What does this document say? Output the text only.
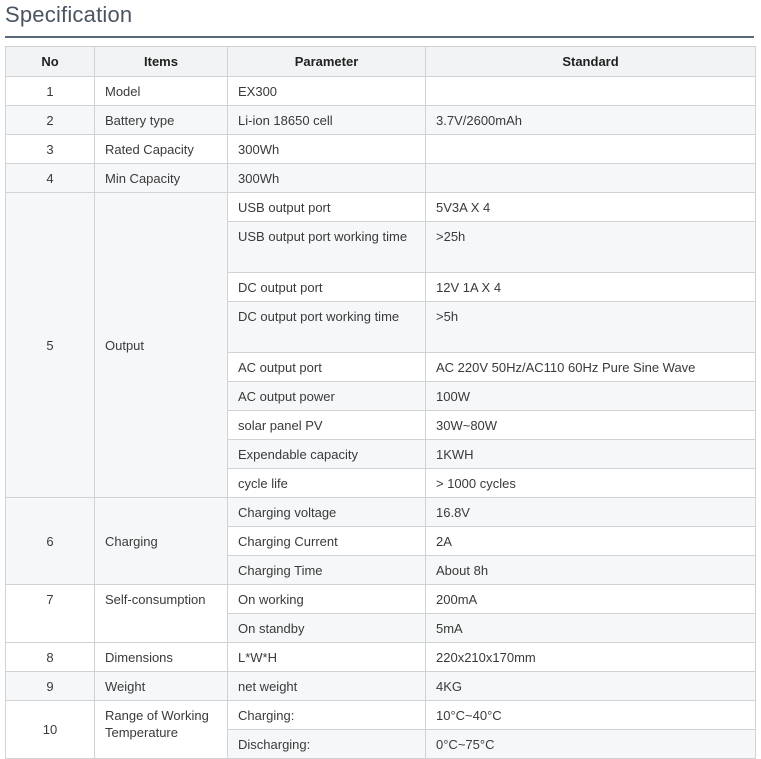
Specification
No	Items	Parameter	Standard
1	Model	EX300	
2	Battery type	Li-ion 18650 cell	3.7V/2600mAh
3	Rated Capacity	300Wh	
4	Min Capacity	300Wh	
5	Output	USB output port	5V3A X 4
		USB output port working time	>25h
		DC output port	12V 1A X 4
		DC output port working time	>5h
		AC output port	AC 220V 50Hz/AC110 60Hz Pure Sine Wave
		AC output power	100W
		solar panel PV	30W~80W
		Expendable capacity	1KWH
		cycle life	> 1000 cycles
6	Charging	Charging voltage	16.8V
		Charging Current	2A
		Charging Time	About 8h
7	Self-consumption	On working	200mA
		On standby	5mA
8	Dimensions	L*W*H	220x210x170mm
9	Weight	net weight	4KG
10	Range of Working Temperature	Charging:	10°C~40°C
		Discharging:	0°C~75°C
